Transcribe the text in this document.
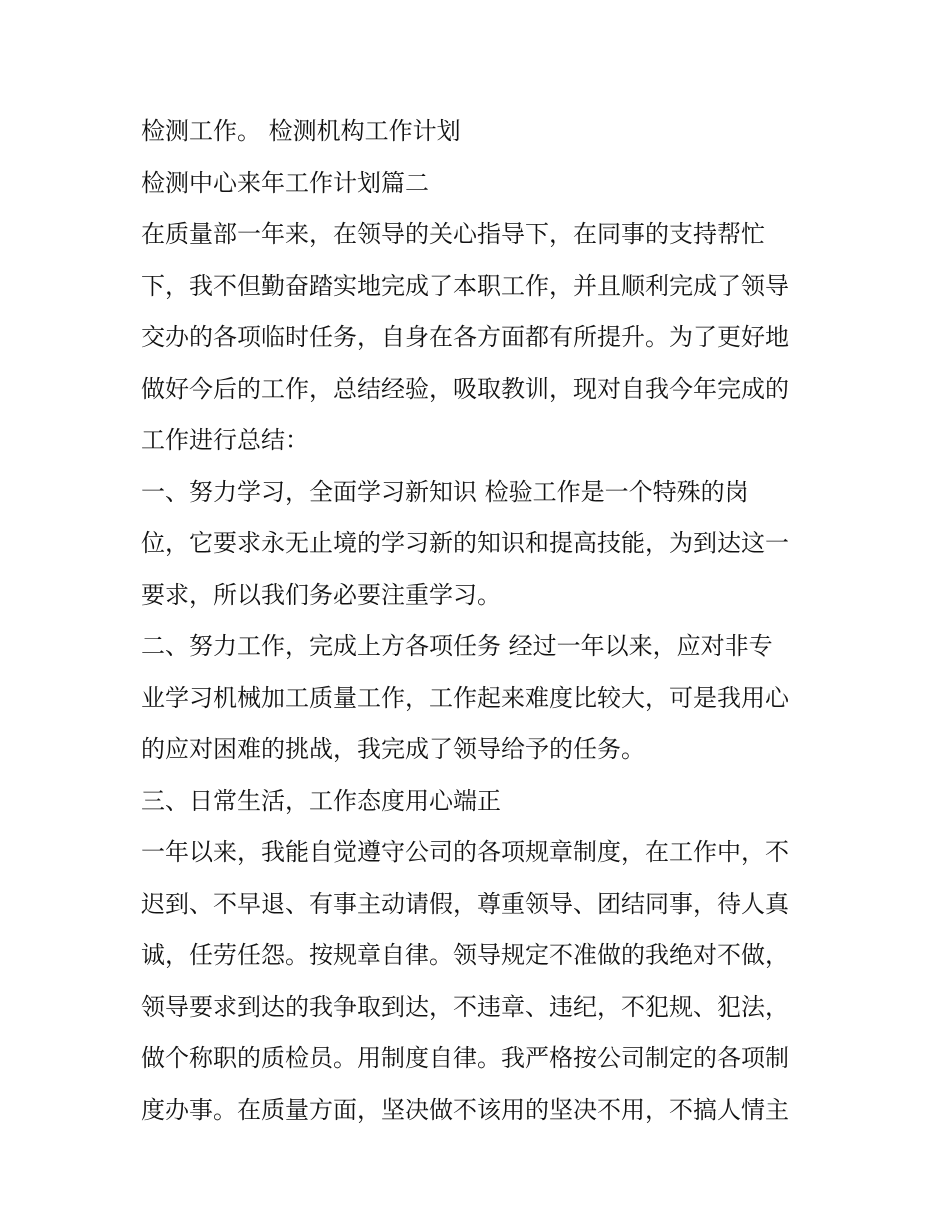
检测工作。 检测机构工作计划
检测中心来年工作计划篇二
在质量部一年来，在领导的关心指导下，在同事的支持帮忙
下，我不但勤奋踏实地完成了本职工作，并且顺利完成了领导
交办的各项临时任务，自身在各方面都有所提升。为了更好地
做好今后的工作，总结经验，吸取教训，现对自我今年完成的
工作进行总结：
一、努力学习，全面学习新知识 检验工作是一个特殊的岗
位，它要求永无止境的学习新的知识和提高技能，为到达这一
要求，所以我们务必要注重学习。
二、努力工作，完成上方各项任务 经过一年以来，应对非专
业学习机械加工质量工作，工作起来难度比较大，可是我用心
的应对困难的挑战，我完成了领导给予的任务。
三、日常生活，工作态度用心端正
一年以来，我能自觉遵守公司的各项规章制度，在工作中，不
迟到、不早退、有事主动请假，尊重领导、团结同事，待人真
诚，任劳任怨。按规章自律。领导规定不准做的我绝对不做，
领导要求到达的我争取到达，不违章、违纪，不犯规、犯法，
做个称职的质检员。用制度自律。我严格按公司制定的各项制
度办事。在质量方面，坚决做不该用的坚决不用，不搞人情主
